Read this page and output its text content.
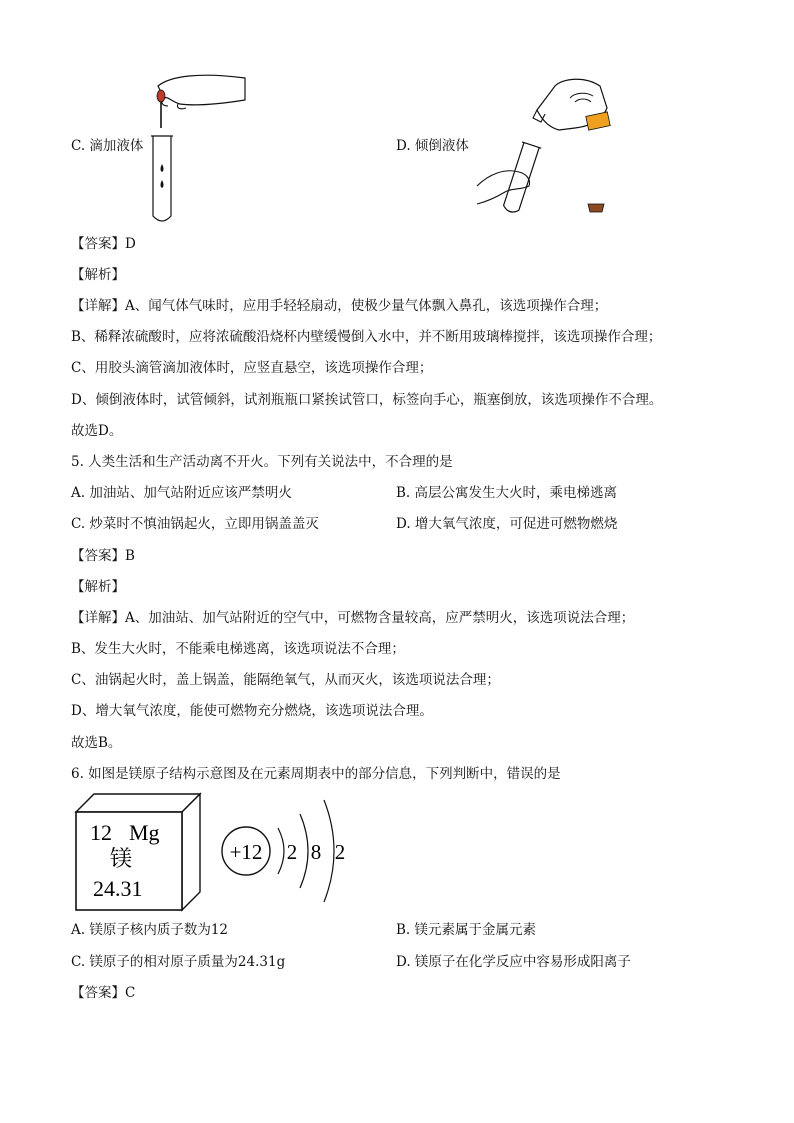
C. 滴加液体	D. 倾倒液体
【答案】D
【解析】
【详解】A、闻气体气味时，应用手轻轻扇动，使极少量气体飘入鼻孔，该选项操作合理；
B、稀释浓硫酸时，应将浓硫酸沿烧杯内壁缓慢倒入水中，并不断用玻璃棒搅拌，该选项操作合理；
C、用胶头滴管滴加液体时，应竖直悬空，该选项操作合理；
D、倾倒液体时，试管倾斜，试剂瓶瓶口紧挨试管口，标签向手心，瓶塞倒放，该选项操作不合理。
故选D。
5. 人类生活和生产活动离不开火。下列有关说法中，不合理的是
A. 加油站、加气站附近应该严禁明火	B. 高层公寓发生大火时，乘电梯逃离
C. 炒菜时不慎油锅起火，立即用锅盖盖灭	D. 增大氧气浓度，可促进可燃物燃烧
【答案】B
【解析】
【详解】A、加油站、加气站附近的空气中，可燃物含量较高，应严禁明火，该选项说法合理；
B、发生大火时，不能乘电梯逃离，该选项说法不合理；
C、油锅起火时，盖上锅盖，能隔绝氧气，从而灭火，该选项说法合理；
D、增大氧气浓度，能使可燃物充分燃烧，该选项说法合理。
故选B。
6. 如图是镁原子结构示意图及在元素周期表中的部分信息，下列判断中，错误的是
12 Mg
镁
24.31
+12 2 8 2
A. 镁原子核内质子数为12	B. 镁元素属于金属元素
C. 镁原子的相对原子质量为24.31g	D. 镁原子在化学反应中容易形成阳离子
【答案】C
